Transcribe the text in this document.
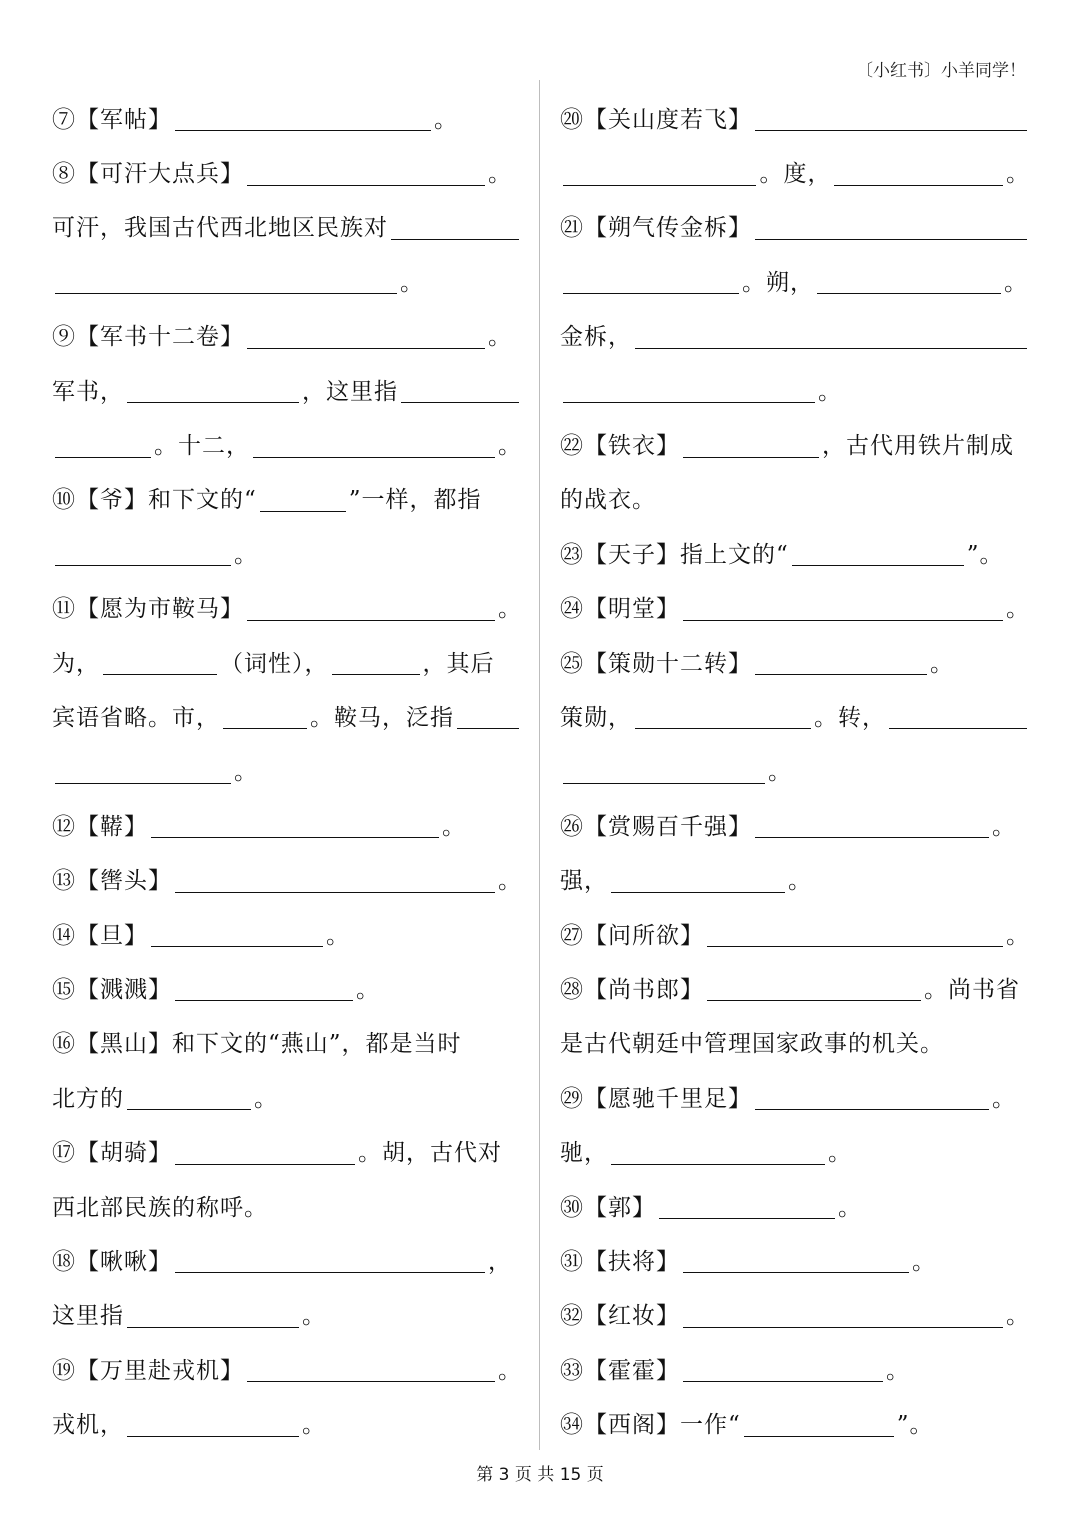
〔小红书〕小羊同学！
⑦【军帖】	。
⑧【可汗大点兵】	。
可汗，我国古代西北地区民族对
。
⑨【军书十二卷】	。
军书，	，这里指
。十二，	。
⑩【爷】和下文的“	”一样，都指
。
⑪【愿为市鞍马】	。
为，	（词性），	，其后
宾语省略。市，	。鞍马，泛指
。
⑫【鞯】	。
⑬【辔头】	。
⑭【旦】	。
⑮【溅溅】	。
⑯【黑山】和下文的“燕山”，都是当时
北方的	。
⑰【胡骑】	。胡，古代对
西北部民族的称呼。
⑱【啾啾】	，
这里指	。
⑲【万里赴戎机】	。
戎机，	。
⑳【关山度若飞】
。度，	。
㉑【朔气传金柝】
。朔，	。
金柝，
。
㉒【铁衣】	，古代用铁片制成
的战衣。
㉓【天子】指上文的“	”。
㉔【明堂】	。
㉕【策勋十二转】	。
策勋，	。转，
。
㉖【赏赐百千强】	。
强，	。
㉗【问所欲】	。
㉘【尚书郎】	。尚书省
是古代朝廷中管理国家政事的机关。
㉙【愿驰千里足】	。
驰，	。
㉚【郭】	。
㉛【扶将】	。
㉜【红妆】	。
㉝【霍霍】	。
㉞【西阁】一作“	”。
第 3 页 共 15 页
